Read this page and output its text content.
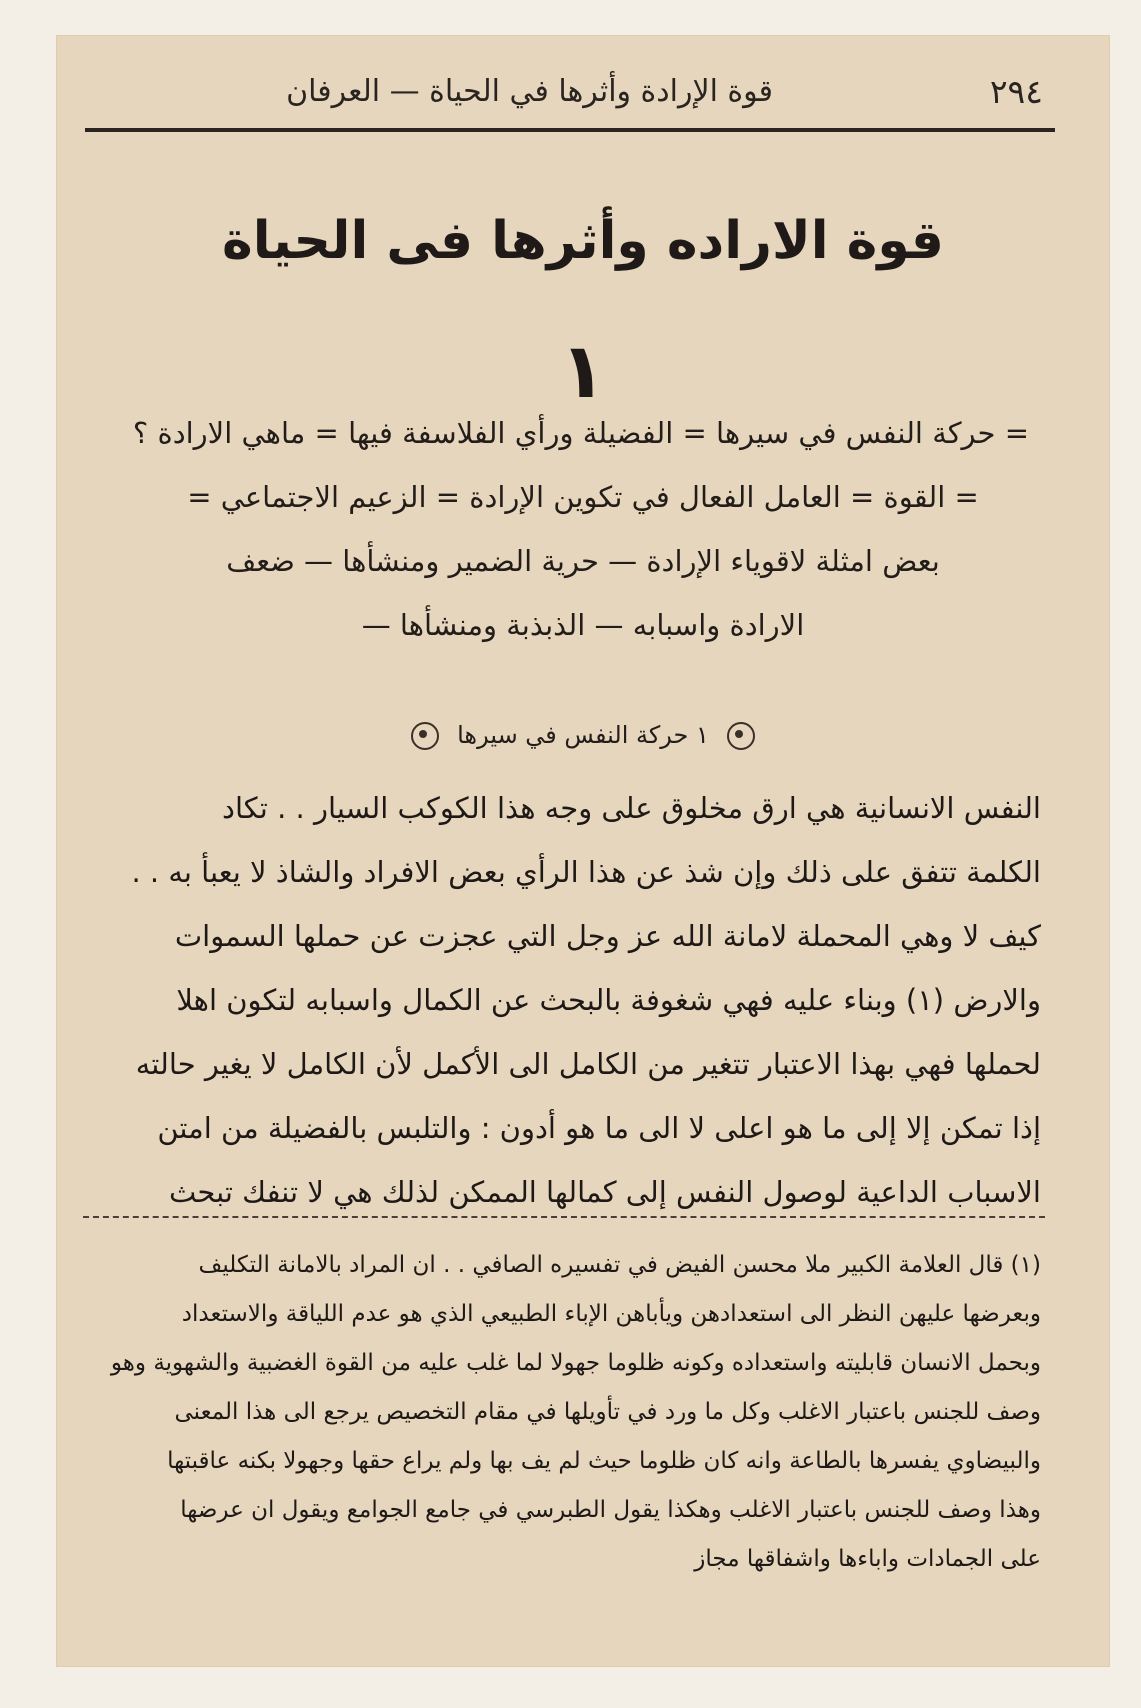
٢٩٤
قوة الإرادة وأثرها في الحياة — العرفان
قوة الاراده وأثرها فى الحياة
١
= حركة النفس في سيرها = الفضيلة ورأي الفلاسفة فيها = ماهي الارادة ؟
= القوة = العامل الفعال في تكوين الإرادة = الزعيم الاجتماعي =
بعض امثلة لاقوياء الإرادة — حرية الضمير ومنشأها — ضعف
الارادة واسبابه — الذبذبة ومنشأها —
١ حركة النفس في سيرها
النفس الانسانية هي ارق مخلوق على وجه هذا الكوكب السيار . . تكاد
الكلمة تتفق على ذلك وإن شذ عن هذا الرأي بعض الافراد والشاذ لا يعبأ به . .
كيف لا وهي المحملة لامانة الله عز وجل التي عجزت عن حملها السموات
والارض (١) وبناء عليه فهي شغوفة بالبحث عن الكمال واسبابه لتكون اهلا
لحملها فهي بهذا الاعتبار تتغير من الكامل الى الأكمل لأن الكامل لا يغير حالته
إذا تمكن إلا إلى ما هو اعلى لا الى ما هو أدون : والتلبس بالفضيلة من امتن
الاسباب الداعية لوصول النفس إلى كمالها الممكن لذلك هي لا تنفك تبحث
(١) قال العلامة الكبير ملا محسن الفيض في تفسيره الصافي . . ان المراد بالامانة التكليف
وبعرضها عليهن النظر الى استعدادهن ويأباهن الإباء الطبيعي الذي هو عدم اللياقة والاستعداد
وبحمل الانسان قابليته واستعداده وكونه ظلوما جهولا لما غلب عليه من القوة الغضبية والشهوية وهو
وصف للجنس باعتبار الاغلب وكل ما ورد في تأويلها في مقام التخصيص يرجع الى هذا المعنى
والبيضاوي يفسرها بالطاعة وانه كان ظلوما حيث لم يف بها ولم يراع حقها وجهولا بكنه عاقبتها
وهذا وصف للجنس باعتبار الاغلب وهكذا يقول الطبرسي في جامع الجوامع ويقول ان عرضها
على الجمادات واباءها واشفاقها مجاز
